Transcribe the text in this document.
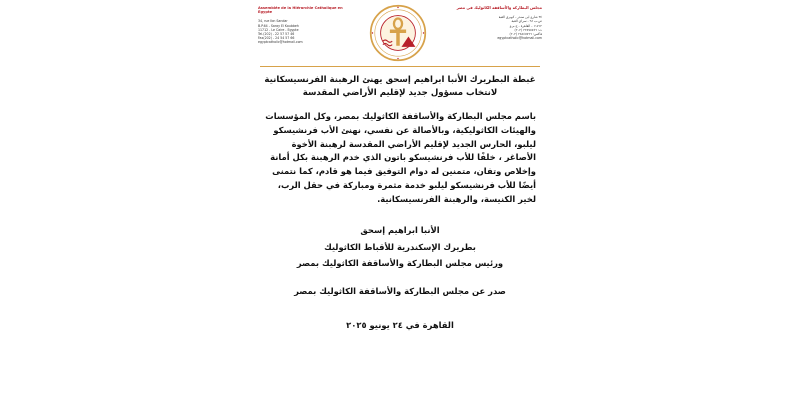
Assemblée de la Hiérarchie Catholique en Egypte
34, rue Ibn Sandar
B.P.64 - Saray El Koubbeh
11712 - Le Caire - Egypte
Tel.(202) - 22 57 57 46
Fax(202) - 24 54 57 66
egyptcatholic@hotmail.com
مجلس البطاركة والأساقفة الكاثوليك في مصر
٣٤ شارع ابن سندر - كوبري القبة
ص.ب ٦٤ - سراي القبة
١١٧١٢ - القاهرة - ج.م.ع
ت: ٢٢٥٧٥٧٤٦ (٢٠٢)
فاكس: ٢٤٥٤٥٧٦٦ (٢٠٢)
egyptcatholic@hotmail.com
غبطة البطريرك الأنبا ابراهيم إسحق يهنئ الرهبنة الفرنسيسكانية
لانتخاب مسؤول جديد لإقليم الأراضي المقدسة
باسم مجلس البطاركة والأساقفة الكاثوليك بمصر، وكل المؤسسات والهيئات الكاثوليكية، وبالأصالة عن نفسي، نهنئ الأب فرنشيسكو ليلبو، الحارس الجديد لإقليم الأراضي المقدسة لرهبنة الأخوة الأصاغر ، خلفًا للأب فرنشيسكو باتون الذي خدم الرهبنة بكل أمانة وإخلاص وتفان، متمنين له دوام التوفيق فيما هو قادم، كما نتمنى أيضًا للأب فرنشيسكو ليلبو خدمة مثمرة ومباركة في حقل الرب، لخير الكنيسة، والرهبنة الفرنسيسكانية.
الأنبا ابراهيم إسحق
بطريرك الإسكندرية للأقباط الكاثوليك
ورئيس مجلس البطاركة والأساقفة الكاثوليك بمصر
صدر عن مجلس البطاركة والأساقفة الكاثوليك بمصر
القاهرة في ٢٤ يونيو ٢٠٢٥
